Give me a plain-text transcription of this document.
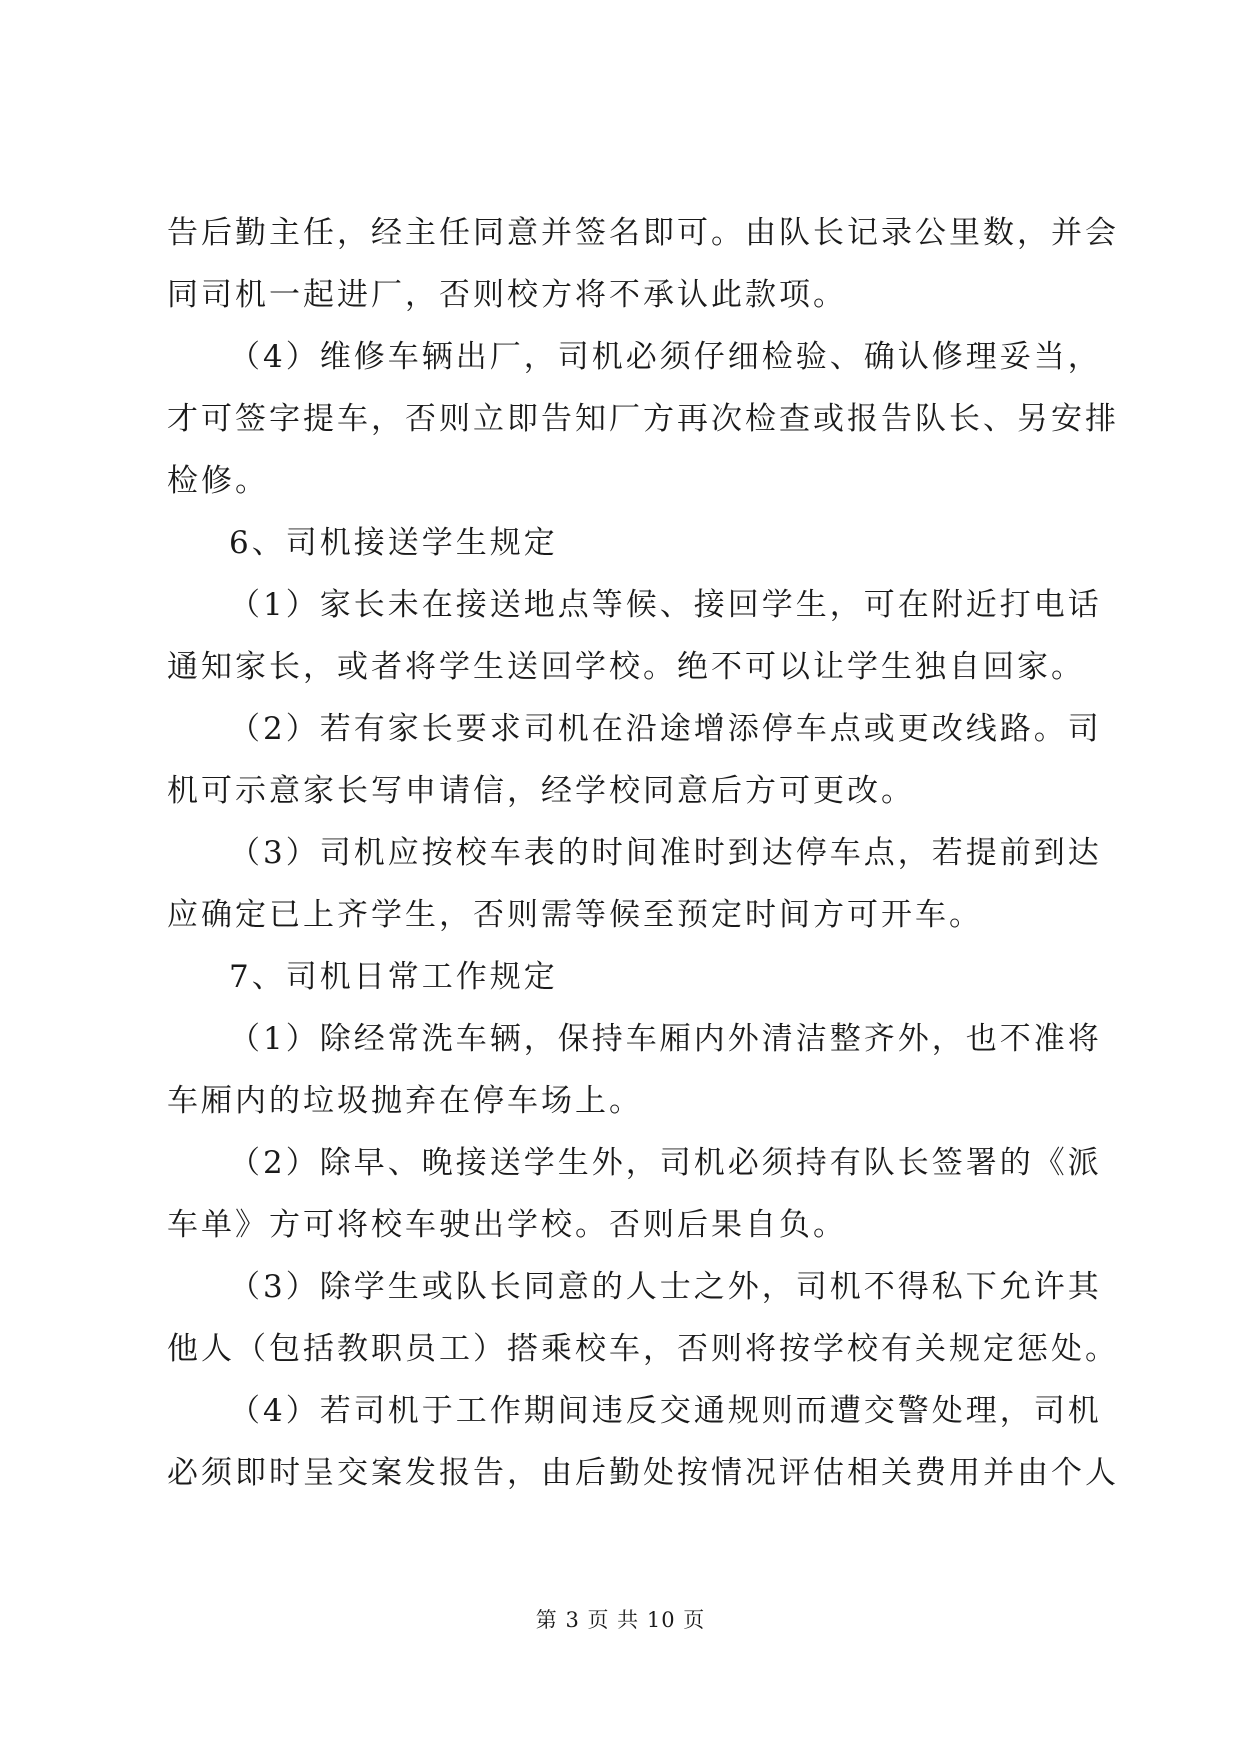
告后勤主任，经主任同意并签名即可。由队长记录公里数，并会
同司机一起进厂，否则校方将不承认此款项。
（4）维修车辆出厂，司机必须仔细检验、确认修理妥当，
才可签字提车，否则立即告知厂方再次检查或报告队长、另安排
检修。
6、司机接送学生规定
（1）家长未在接送地点等候、接回学生，可在附近打电话
通知家长，或者将学生送回学校。绝不可以让学生独自回家。
（2）若有家长要求司机在沿途增添停车点或更改线路。司
机可示意家长写申请信，经学校同意后方可更改。
（3）司机应按校车表的时间准时到达停车点，若提前到达
应确定已上齐学生，否则需等候至预定时间方可开车。
7、司机日常工作规定
（1）除经常洗车辆，保持车厢内外清洁整齐外，也不准将
车厢内的垃圾抛弃在停车场上。
（2）除早、晚接送学生外，司机必须持有队长签署的《派
车单》方可将校车驶出学校。否则后果自负。
（3）除学生或队长同意的人士之外，司机不得私下允许其
他人（包括教职员工）搭乘校车，否则将按学校有关规定惩处。
（4）若司机于工作期间违反交通规则而遭交警处理，司机
必须即时呈交案发报告，由后勤处按情况评估相关费用并由个人
第 3 页 共 10 页
